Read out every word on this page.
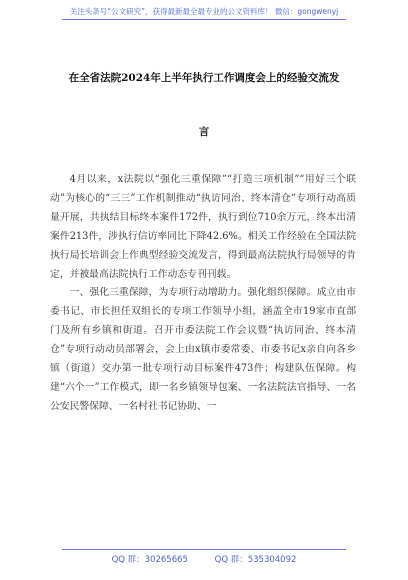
关注头条号“公文研究”，获得最新最全最专业的公文资料库！ 微信：gongwenyj
在全省法院2024年上半年执行工作调度会上的经验交流发
言

4月以来，x法院以“强化三重保障”“打造三项机制”“用好三个联动”为核心的“三三”工作机制推动“执访同治、终本清仓”专项行动高质量开展，共执结目标终本案件172件，执行到位710余万元，终本出清案件213件，涉执行信访率同比下降42.6%。相关工作经验在全国法院执行局长培训会上作典型经验交流发言，得到最高法院执行局领导的肯定，并被最高法院执行工作动态专刊刊载。

一、强化三重保障，为专项行动增助力。强化组织保障。成立由市委书记、市长担任双组长的专项工作领导小组，涵盖全市19家市直部门及所有乡镇和街道。召开市委法院工作会议暨“执访同治、终本清仓”专项行动动员部署会，会上由x镇市委常委、市委书记x亲自向各乡镇（街道）交办第一批专项行动目标案件473件；构建队伍保障。构建“六个一”工作模式，即一名乡镇领导包案、一名法院法官指导、一名公安民警保障、一名村社书记协助、一

QQ 群：30265665	QQ 群：535304092
